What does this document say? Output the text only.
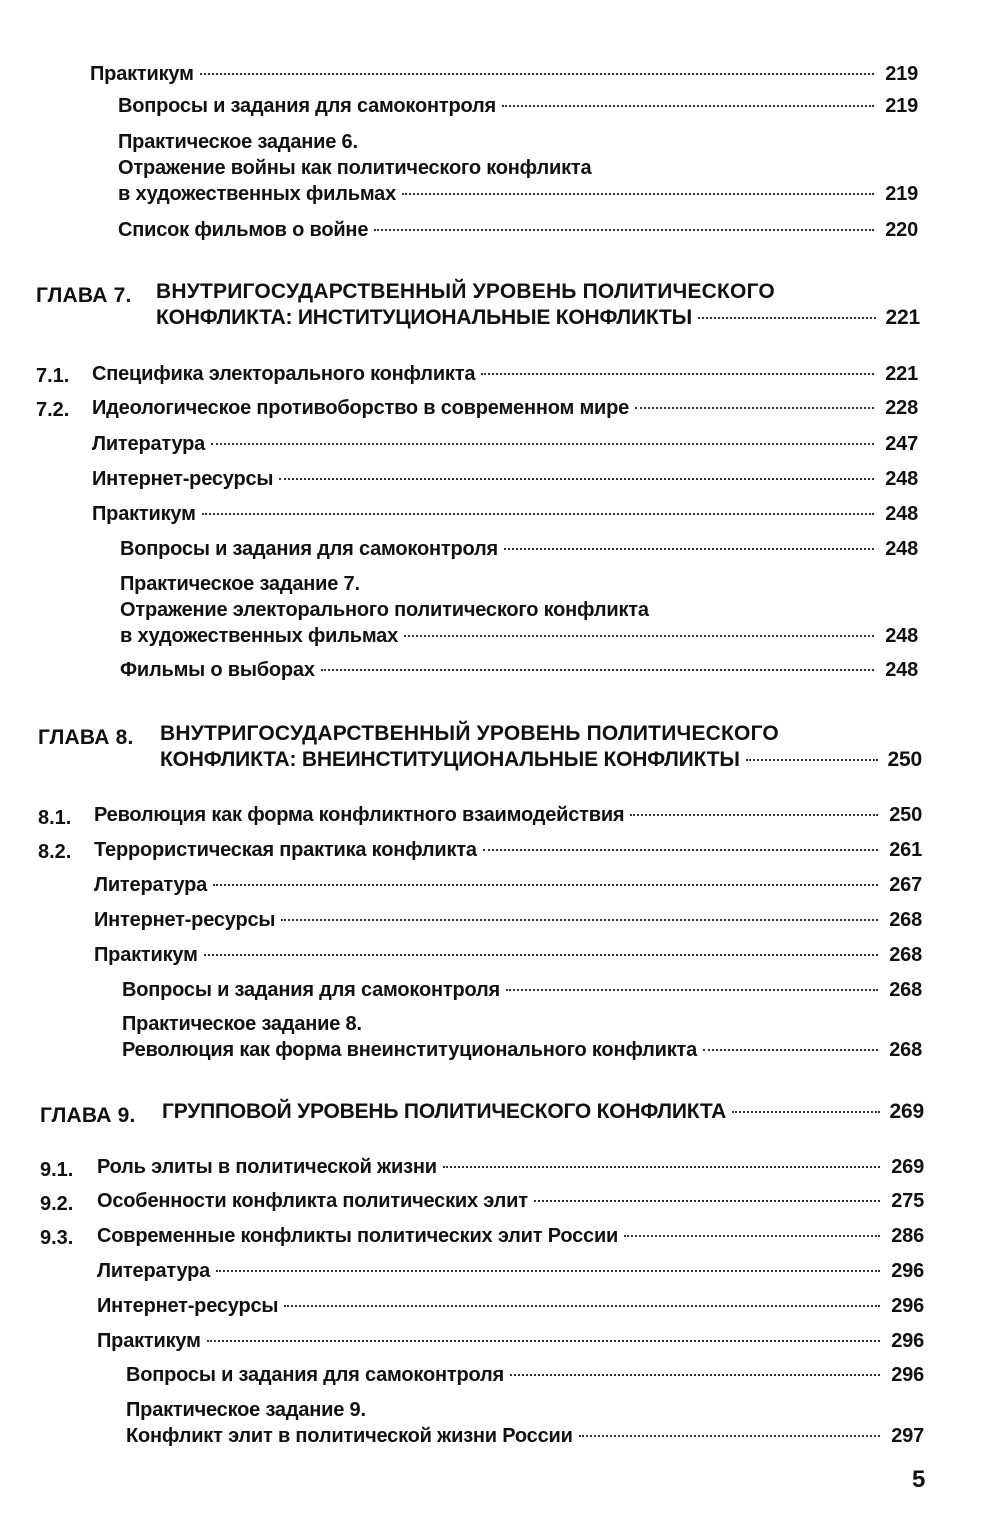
Практикум	219
Вопросы и задания для самоконтроля	219
Практическое задание 6.
Отражение войны как политического конфликта
в художественных фильмах	219
Список фильмов о войне	220
ГЛАВА 7. ВНУТРИГОСУДАРСТВЕННЫЙ УРОВЕНЬ ПОЛИТИЧЕСКОГО
КОНФЛИКТА: ИНСТИТУЦИОНАЛЬНЫЕ КОНФЛИКТЫ	221
7.1. Специфика электорального конфликта	221
7.2. Идеологическое противоборство в современном мире	228
Литература	247
Интернет-ресурсы	248
Практикум	248
Вопросы и задания для самоконтроля	248
Практическое задание 7.
Отражение электорального политического конфликта
в художественных фильмах	248
Фильмы о выборах	248
ГЛАВА 8. ВНУТРИГОСУДАРСТВЕННЫЙ УРОВЕНЬ ПОЛИТИЧЕСКОГО
КОНФЛИКТА: ВНЕИНСТИТУЦИОНАЛЬНЫЕ КОНФЛИКТЫ	250
8.1. Революция как форма конфликтного взаимодействия	250
8.2. Террористическая практика конфликта	261
Литература	267
Интернет-ресурсы	268
Практикум	268
Вопросы и задания для самоконтроля	268
Практическое задание 8.
Революция как форма внеинституционального конфликта	268
ГЛАВА 9. ГРУППОВОЙ УРОВЕНЬ ПОЛИТИЧЕСКОГО КОНФЛИКТА	269
9.1. Роль элиты в политической жизни	269
9.2. Особенности конфликта политических элит	275
9.3. Современные конфликты политических элит России	286
Литература	296
Интернет-ресурсы	296
Практикум	296
Вопросы и задания для самоконтроля	296
Практическое задание 9.
Конфликт элит в политической жизни России	297
5
